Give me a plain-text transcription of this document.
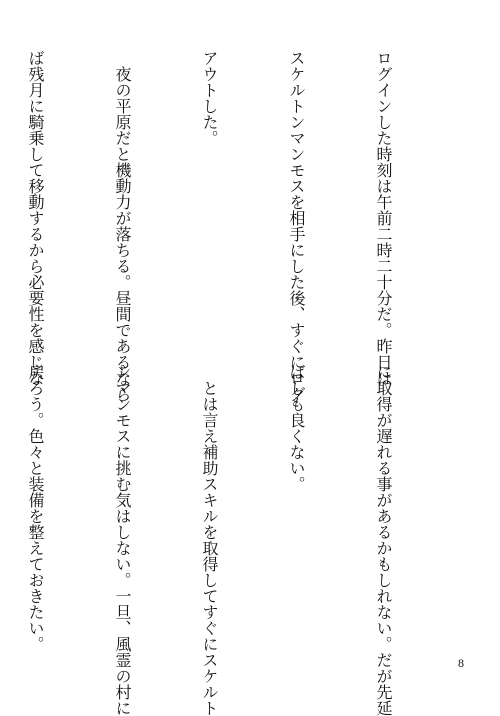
ログインした時刻は午前二時二十分だ。昨日は

スケルトンマンモスを相手にした後、すぐにログ

アウトした。

　夜の平原だと機動力が落ちる。昼間であるなら

ば残月に騎乗して移動するから必要性を感じな

に取得が遅れる事があるかもしれない。だが先延

ばしも良くない。

　とは言え補助スキルを取得してすぐにスケルト

ンマンモスに挑む気はしない。一旦、風霊の村に

戻ろう。色々と装備を整えておきたい。

8
